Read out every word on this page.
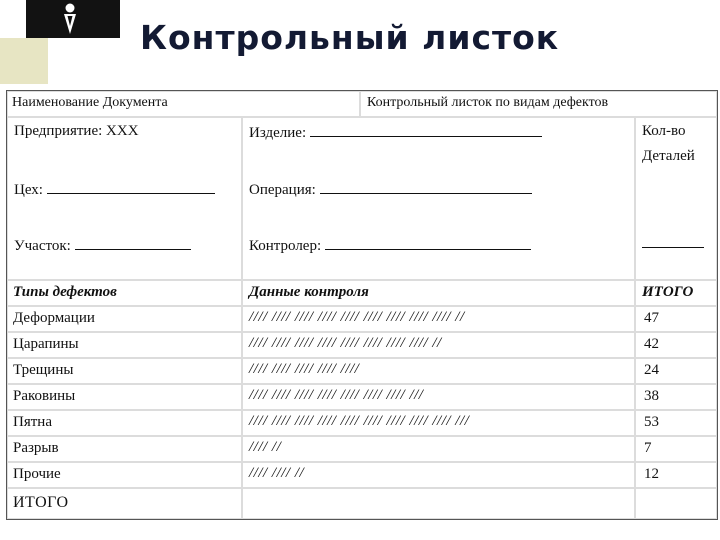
Контрольный листок
Наименование Документа	Контрольный листок по видам дефектов
Предприятие: ХХХ
Цех:
Участок:
Изделие:
Операция:
Контролер:
Кол-во
Деталей
Типы дефектов	Данные контроля	ИТОГО
Деформации	//// //// //// //// //// //// //// //// //// //	47
Царапины	//// //// //// //// //// //// //// //// //	42
Трещины	//// //// //// //// ////	24
Раковины	//// //// //// //// //// //// //// ///	38
Пятна	//// //// //// //// //// //// //// //// //// ///	53
Разрыв	//// //	7
Прочие	//// //// //	12
ИТОГО
